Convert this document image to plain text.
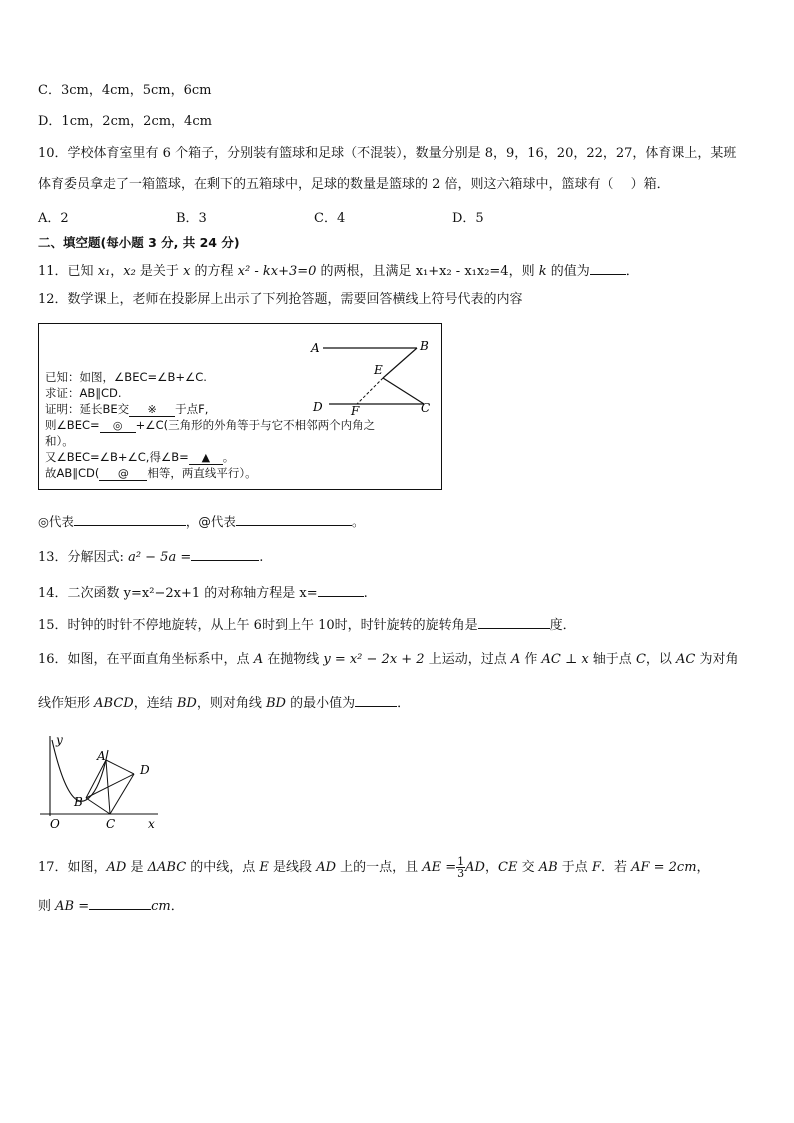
C．3cm，4cm，5cm，6cm
D．1cm，2cm，2cm，4cm
10．学校体育室里有 6 个箱子，分别装有篮球和足球（不混装），数量分别是 8，9，16，20，22，27，体育课上，某班
体育委员拿走了一箱篮球，在剩下的五箱球中，足球的数量是篮球的 2 倍，则这六箱球中，篮球有（　 ）箱．
A．2	B．3	C．4	D．5
二、填空题(每小题 3 分, 共 24 分)
11．已知 x₁，x₂ 是关于 x 的方程 x² - kx+3=0 的两根，且满足 x₁+x₂ - x₁x₂=4，则 k 的值为	．
12．数学课上，老师在投影屏上出示了下列抢答题，需要回答横线上符号代表的内容
A	B
E
D F	C
已知：如图，∠BEC=∠B+∠C.
求证：AB∥CD.
证明：延长BE交 ※ 于点F,
则∠BEC= ◎ +∠C(三角形的外角等于与它不相邻两个内角之
和）。
又∠BEC=∠B+∠C,得∠B= ▲ 。
故AB∥CD( @ 相等，两直线平行）。
◎代表	，@代表	。
13．分解因式: a² − 5a =	.
14．二次函数 y=x²−2x+1 的对称轴方程是 x=	.
15．时钟的时针不停地旋转，从上午 6时到上午 10时，时针旋转的旋转角是	度．
16．如图，在平面直角坐标系中，点 A 在抛物线 y = x² − 2x + 2 上运动，过点 A 作 AC ⊥ x 轴于点 C，以 AC 为对角
线作矩形 ABCD，连结 BD，则对角线 BD 的最小值为	．
y
A
D
B
O	C	x
17．如图，AD 是 ΔABC 的中线，点 E 是线段 AD 上的一点，且 AE = $\frac{1}{3}$ AD，CE 交 AB 于点 F．若 AF = 2cm，
则 AB =	cm．
